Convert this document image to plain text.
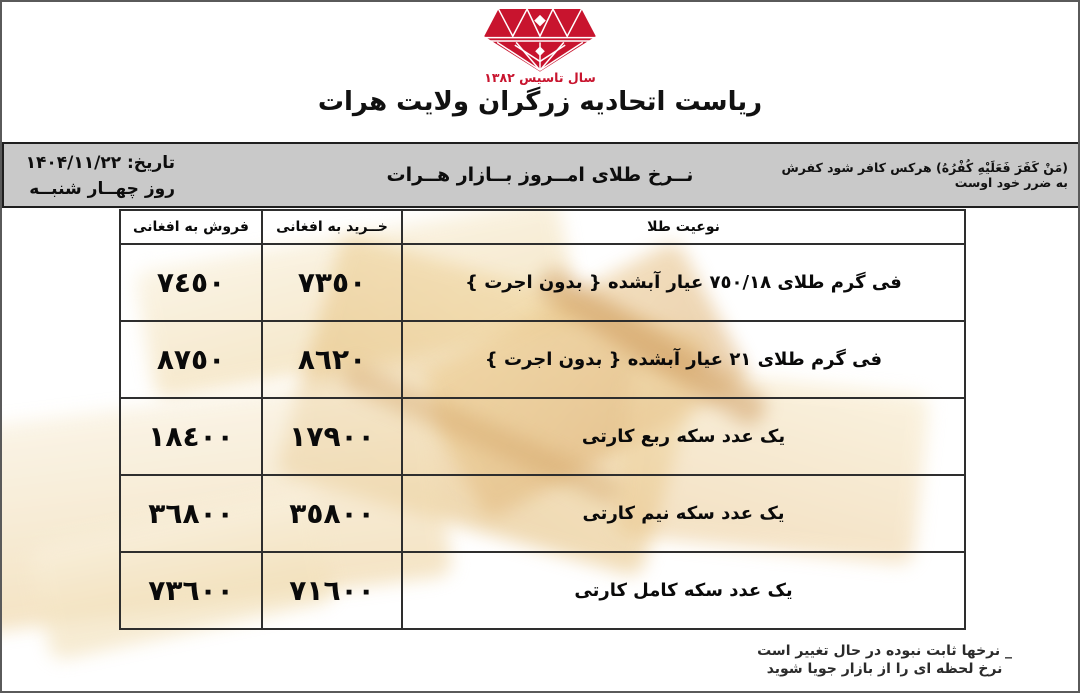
سال تاسیس ۱۳۸۲
ریاست اتحادیه زرگران ولایت هرات
تاریخ: ۱۴۰۴/۱۱/۲۲
روز چهــار شنبــه
نــرخ طلای امــروز بــازار هــرات	(مَنْ كَفَرَ فَعَلَيْهِ كُفْرُهُ) هرکس کافر شود کفرش به ضرر خود اوست
نوعیت طلا	خــرید به افغانی	فروش به افغانی
فی گرم طلای ٧٥٠/١٨ عیار آبشده { بدون اجرت }	٧٣٥٠	٧٤٥٠
فی گرم طلای ٢١ عیار آبشده { بدون اجرت }	٨٦٢٠	٨٧٥٠
یک عدد سکه ربع کارتی	١٧٩٠٠	١٨٤٠٠
یک عدد سکه نیم کارتی	٣٥٨٠٠	٣٦٨٠٠
یک عدد سکه کامل کارتی	٧١٦٠٠	٧٣٦٠٠
_ نرخها ثابت نبوده در حال تغییر است
نرخ لحظه ای را از بازار جویا شوید
